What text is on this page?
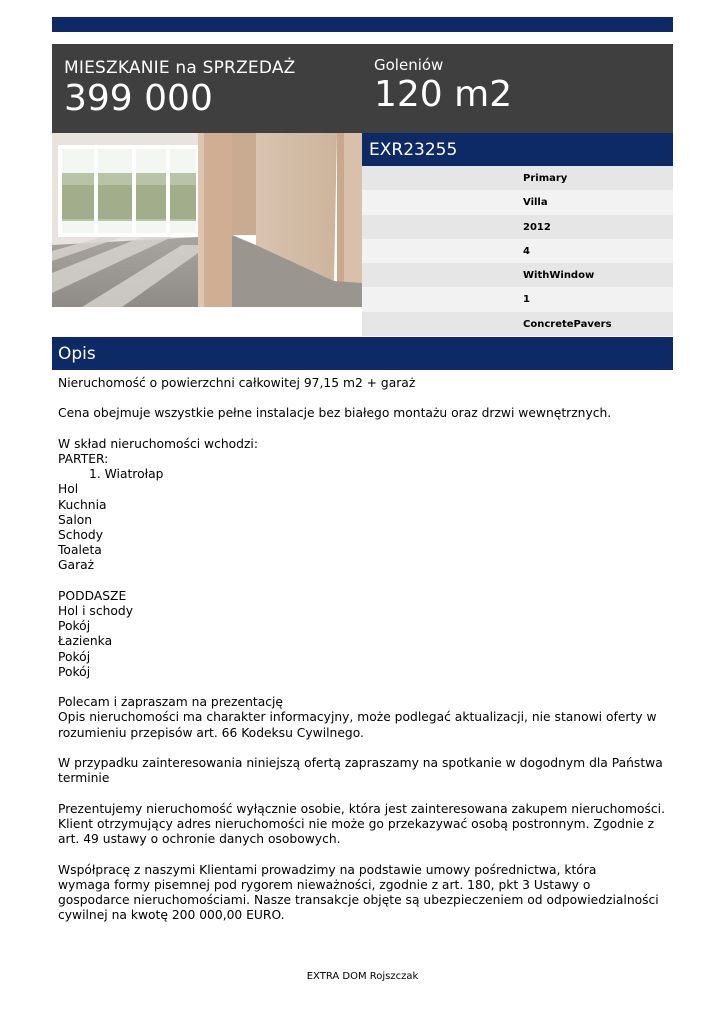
MIESZKANIE na SPRZEDAŻ
399 000
Goleniów
120 m2
EXR23255
Primary
Villa
2012
4
WithWindow
1
ConcretePavers
Opis
Nieruchomość o powierzchni całkowitej 97,15 m2 + garaż
Cena obejmuje wszystkie pełne instalacje bez białego montażu oraz drzwi wewnętrznych.
W skład nieruchomości wchodzi:
PARTER:
1. Wiatrołap
Hol
Kuchnia
Salon
Schody
Toaleta
Garaż
PODDASZE
Hol i schody
Pokój
Łazienka
Pokój
Pokój
Polecam i zapraszam na prezentację
Opis nieruchomości ma charakter informacyjny, może podlegać aktualizacji, nie stanowi oferty w
rozumieniu przepisów art. 66 Kodeksu Cywilnego.
W przypadku zainteresowania niniejszą ofertą zapraszamy na spotkanie w dogodnym dla Państwa
terminie
Prezentujemy nieruchomość wyłącznie osobie, która jest zainteresowana zakupem nieruchomości.
Klient otrzymujący adres nieruchomości nie może go przekazywać osobą postronnym. Zgodnie z
art. 49 ustawy o ochronie danych osobowych.
Współpracę z naszymi Klientami prowadzimy na podstawie umowy pośrednictwa, która
wymaga formy pisemnej pod rygorem nieważności, zgodnie z art. 180, pkt 3 Ustawy o
gospodarce nieruchomościami. Nasze transakcje objęte są ubezpieczeniem od odpowiedzialności
cywilnej na kwotę 200 000,00 EURO.
EXTRA DOM Rojszczak
